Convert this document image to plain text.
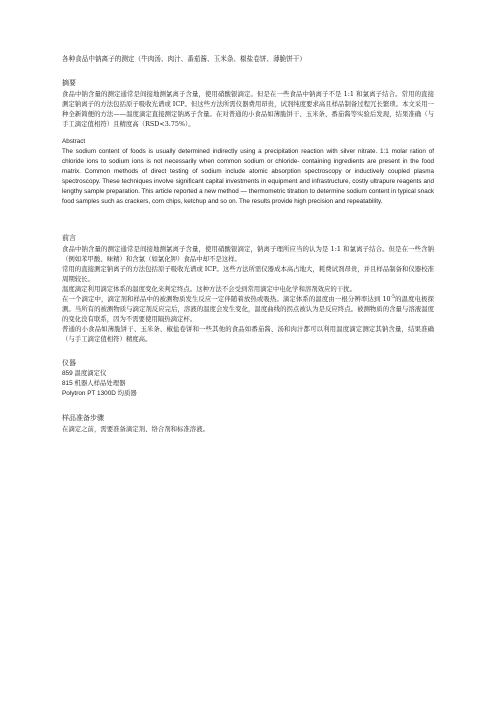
各种食品中钠离子的测定（牛肉汤、肉汁、番茄酱、玉米条、椒盐卷饼、薄脆饼干）

摘要

食品中钠含量的测定通常是间接地测氯离子含量，使用硝酸银滴定。但是在一些食品中钠离子不是 1:1 和氯离子结合。常用的直接测定钠离子的方法包括原子吸收光谱或 ICP。但这些方法所需仪器费用昂贵，试剂纯度要求高且样品制备过程冗长繁琐。本文采用一种全新简便的方法——温度滴定直接测定钠离子含量。在对普通的小食品如薄脆饼干、玉米条、番茄酱等实验后发现，结果准确（与手工滴定值相符）且精度高（RSD<3.75%）。

Abstract

The sodium content of foods is usually determined indirectly using a precipitation reaction with silver nitrate. 1:1 molar ration of chloride ions to sodium ions is not necessarily when common sodium or chloride- containing ingredients are present in the food matrix. Common methods of direct testing of sodium include atomic absorption spectroscopy or inductively coupled plasma spectroscopy. These techniques involve significant capital investments in equipment and infrastructure, costly ultrapure reagents and lengthy sample preparation. This article reported a new method — thermometric titration to determine sodium content in typical snack food samples such as crackers, corn chips, ketchup and so on. The results provide high precision and repeatability.

前言

食品中钠含量的测定通常是间接地测氯离子含量，使用硝酸银滴定，钠离子理所应当的认为是 1:1 和氯离子结合。但是在一些含钠（例如苯甲酸、味精）和含氯（如氯化钾）食品中却不是这样。

常用的直接测定钠离子的方法包括原子吸收光谱或 ICP。这些方法所需仪器成本高占地大，耗费试剂昂贵，并且样品制备和仪器校准周期较长。

温度滴定利用滴定体系的温度变化来判定终点。这种方法不会受到常用滴定中电化学和溶剂效应的干扰。

在一个滴定中，滴定剂和样品中的被测物质发生反应一定伴随着放热或吸热。滴定体系的温度由一根分辨率达到 $10^{-5}$的温度电极探测。当所有的被测物质与滴定剂反应完后，溶液的温度会发生变化，温度曲线的拐点被认为是反应终点。被测物质的含量与溶液温度的变化没有联系，因为不需要使用隔热滴定杯。

普通的小食品如薄脆饼干、玉米条、椒盐卷饼和一些其他的食品如番茄酱、汤和肉汁都可以利用温度滴定测定其钠含量，结果准确（与手工滴定值相符）精度高。

仪器

859 温度滴定仪

815 机器人样品处理器

Polytron PT 1300D 均质器

样品准备步骤

在滴定之前，需要准备滴定剂、络合剂和标准溶液。
